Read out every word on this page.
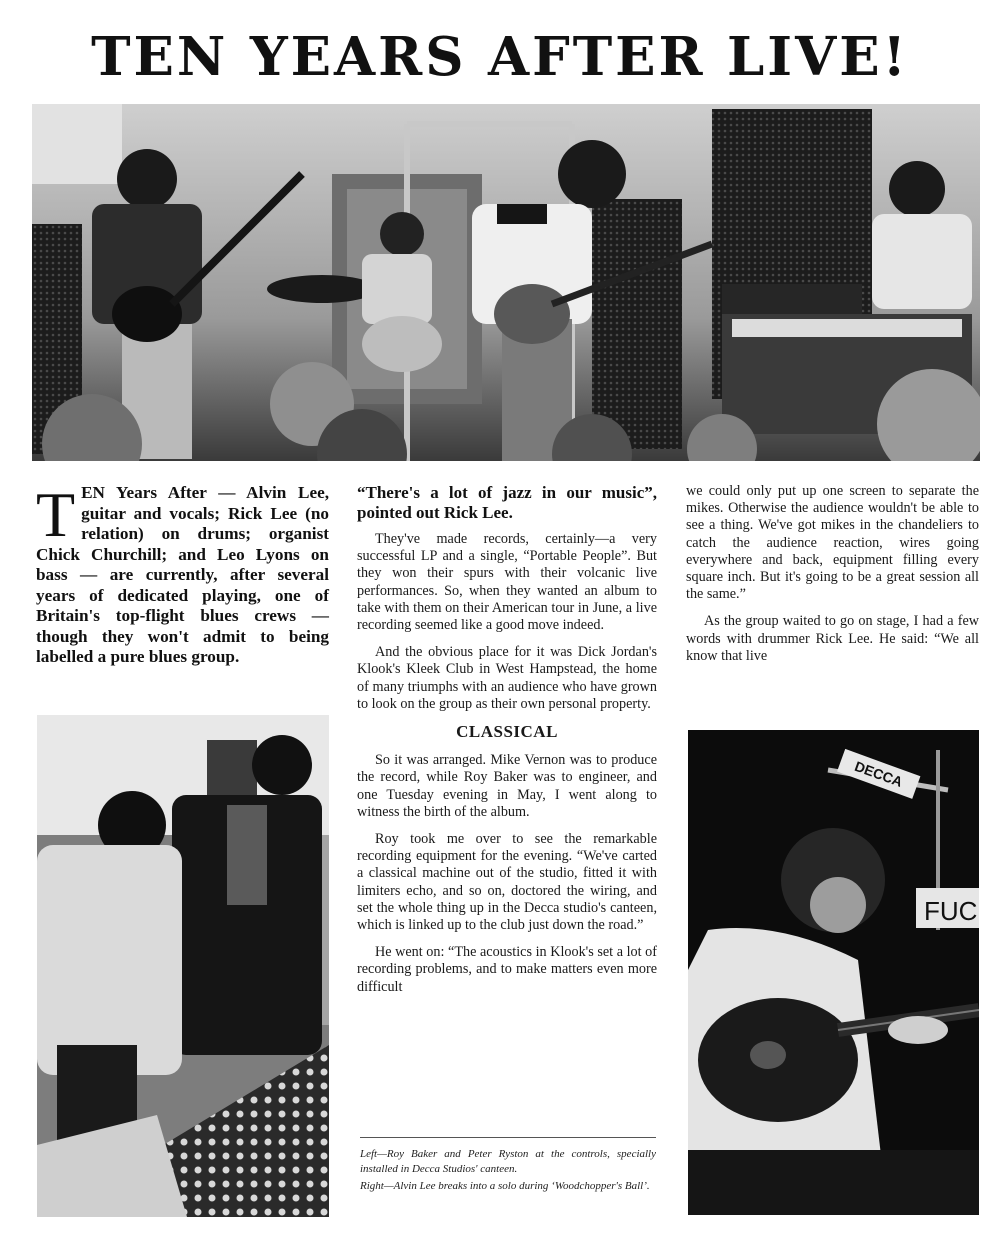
TEN YEARS AFTER LIVE!
TEN Years After — Alvin Lee, guitar and vocals; Rick Lee (no relation) on drums; organist Chick Churchill; and Leo Lyons on bass — are currently, after several years of dedicated playing, one of Britain's top-flight blues crews — though they won't admit to being labelled a pure blues group.
“There's a lot of jazz in our music”, pointed out Rick Lee.

They've made records, certainly—a very successful LP and a single, “Portable People”. But they won their spurs with their volcanic live performances. So, when they wanted an album to take with them on their American tour in June, a live recording seemed like a good move indeed.

And the obvious place for it was Dick Jordan's Klook's Kleek Club in West Hampstead, the home of many triumphs with an audience who have grown to look on the group as their own personal property.

CLASSICAL

So it was arranged. Mike Vernon was to produce the record, while Roy Baker was to engineer, and one Tuesday evening in May, I went along to witness the birth of the album.

Roy took me over to see the remarkable recording equipment for the evening. “We've carted a classical machine out of the studio, fitted it with limiters echo, and so on, doctored the wiring, and set the whole thing up in the Decca studio's canteen, which is linked up to the club just down the road.”

He went on: “The acoustics in Klook's set a lot of recording problems, and to make matters even more difficult

Left—Roy Baker and Peter Ryston at the controls, specially installed in Decca Studios' canteen.

Right—Alvin Lee breaks into a solo during ‘Woodchopper's Ball’.

we could only put up one screen to separate the mikes. Otherwise the audience wouldn't be able to see a thing. We've got mikes in the chandeliers to catch the audience reaction, wires going everywhere and back, equipment filling every square inch. But it's going to be a great session all the same.”

As the group waited to go on stage, I had a few words with drummer Rick Lee. He said: “We all know that live

DECCA
FUC
